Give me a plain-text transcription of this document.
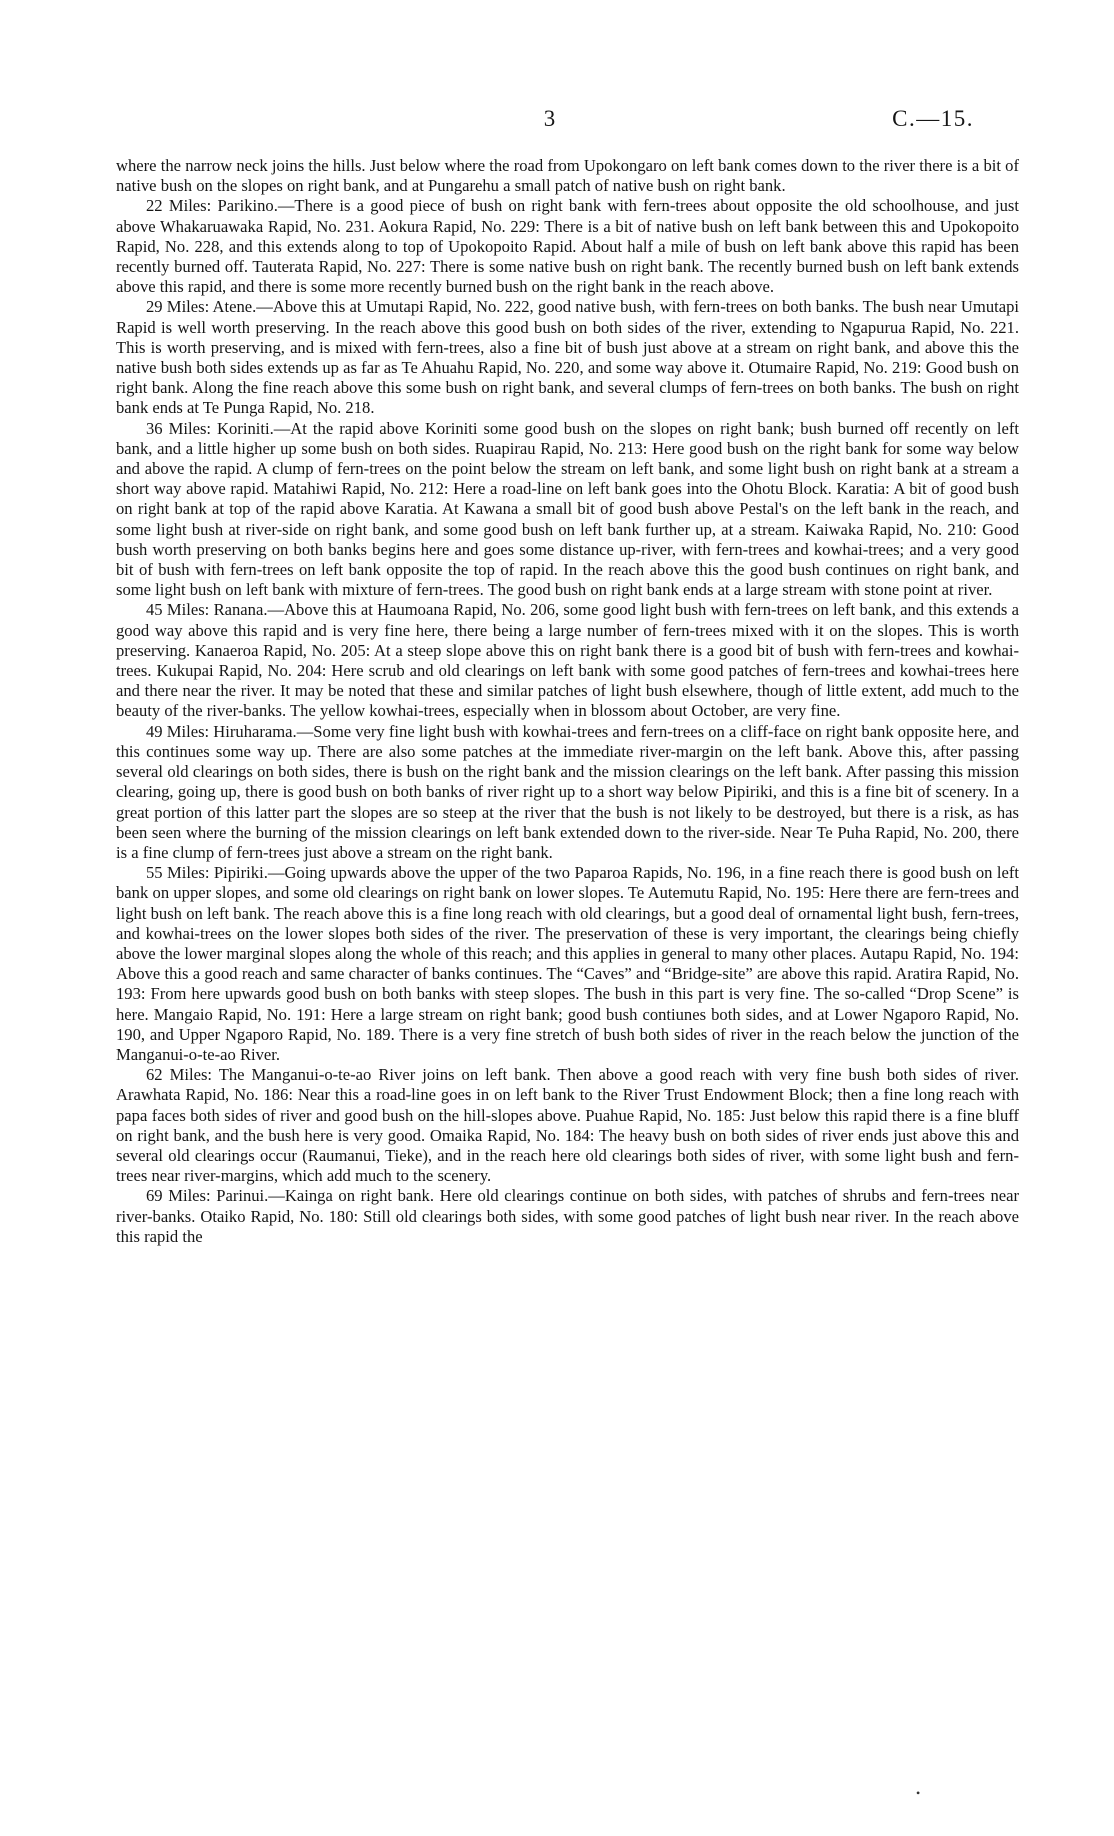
3	C.—15.

where the narrow neck joins the hills. Just below where the road from Upokongaro on left bank comes down to the river there is a bit of native bush on the slopes on right bank, and at Pungarehu a small patch of native bush on right bank.

22 Miles: Parikino.—There is a good piece of bush on right bank with fern-trees about opposite the old schoolhouse, and just above Whakaruawaka Rapid, No. 231. Aokura Rapid, No. 229: There is a bit of native bush on left bank between this and Upokopoito Rapid, No. 228, and this extends along to top of Upokopoito Rapid. About half a mile of bush on left bank above this rapid has been recently burned off. Tauterata Rapid, No. 227: There is some native bush on right bank. The recently burned bush on left bank extends above this rapid, and there is some more recently burned bush on the right bank in the reach above.

29 Miles: Atene.—Above this at Umutapi Rapid, No. 222, good native bush, with fern-trees on both banks. The bush near Umutapi Rapid is well worth preserving. In the reach above this good bush on both sides of the river, extending to Ngapurua Rapid, No. 221. This is worth preserving, and is mixed with fern-trees, also a fine bit of bush just above at a stream on right bank, and above this the native bush both sides extends up as far as Te Ahuahu Rapid, No. 220, and some way above it. Otumaire Rapid, No. 219: Good bush on right bank. Along the fine reach above this some bush on right bank, and several clumps of fern-trees on both banks. The bush on right bank ends at Te Punga Rapid, No. 218.

36 Miles: Koriniti.—At the rapid above Koriniti some good bush on the slopes on right bank; bush burned off recently on left bank, and a little higher up some bush on both sides. Ruapirau Rapid, No. 213: Here good bush on the right bank for some way below and above the rapid. A clump of fern-trees on the point below the stream on left bank, and some light bush on right bank at a stream a short way above rapid. Matahiwi Rapid, No. 212: Here a road-line on left bank goes into the Ohotu Block. Karatia: A bit of good bush on right bank at top of the rapid above Karatia. At Kawana a small bit of good bush above Pestal's on the left bank in the reach, and some light bush at river-side on right bank, and some good bush on left bank further up, at a stream. Kaiwaka Rapid, No. 210: Good bush worth preserving on both banks begins here and goes some distance up-river, with fern-trees and kowhai-trees; and a very good bit of bush with fern-trees on left bank opposite the top of rapid. In the reach above this the good bush continues on right bank, and some light bush on left bank with mixture of fern-trees. The good bush on right bank ends at a large stream with stone point at river.

45 Miles: Ranana.—Above this at Haumoana Rapid, No. 206, some good light bush with fern-trees on left bank, and this extends a good way above this rapid and is very fine here, there being a large number of fern-trees mixed with it on the slopes. This is worth preserving. Kanaeroa Rapid, No. 205: At a steep slope above this on right bank there is a good bit of bush with fern-trees and kowhai-trees. Kukupai Rapid, No. 204: Here scrub and old clearings on left bank with some good patches of fern-trees and kowhai-trees here and there near the river. It may be noted that these and similar patches of light bush elsewhere, though of little extent, add much to the beauty of the river-banks. The yellow kowhai-trees, especially when in blossom about October, are very fine.

49 Miles: Hiruharama.—Some very fine light bush with kowhai-trees and fern-trees on a cliff-face on right bank opposite here, and this continues some way up. There are also some patches at the immediate river-margin on the left bank. Above this, after passing several old clearings on both sides, there is bush on the right bank and the mission clearings on the left bank. After passing this mission clearing, going up, there is good bush on both banks of river right up to a short way below Pipiriki, and this is a fine bit of scenery. In a great portion of this latter part the slopes are so steep at the river that the bush is not likely to be destroyed, but there is a risk, as has been seen where the burning of the mission clearings on left bank extended down to the river-side. Near Te Puha Rapid, No. 200, there is a fine clump of fern-trees just above a stream on the right bank.

55 Miles: Pipiriki.—Going upwards above the upper of the two Paparoa Rapids, No. 196, in a fine reach there is good bush on left bank on upper slopes, and some old clearings on right bank on lower slopes. Te Autemutu Rapid, No. 195: Here there are fern-trees and light bush on left bank. The reach above this is a fine long reach with old clearings, but a good deal of ornamental light bush, fern-trees, and kowhai-trees on the lower slopes both sides of the river. The preservation of these is very important, the clearings being chiefly above the lower marginal slopes along the whole of this reach; and this applies in general to many other places. Autapu Rapid, No. 194: Above this a good reach and same character of banks continues. The “Caves” and “Bridge-site” are above this rapid. Aratira Rapid, No. 193: From here upwards good bush on both banks with steep slopes. The bush in this part is very fine. The so-called “Drop Scene” is here. Mangaio Rapid, No. 191: Here a large stream on right bank; good bush contiunes both sides, and at Lower Ngaporo Rapid, No. 190, and Upper Ngaporo Rapid, No. 189. There is a very fine stretch of bush both sides of river in the reach below the junction of the Manganui-o-te-ao River.

62 Miles: The Manganui-o-te-ao River joins on left bank. Then above a good reach with very fine bush both sides of river. Arawhata Rapid, No. 186: Near this a road-line goes in on left bank to the River Trust Endowment Block; then a fine long reach with papa faces both sides of river and good bush on the hill-slopes above. Puahue Rapid, No. 185: Just below this rapid there is a fine bluff on right bank, and the bush here is very good. Omaika Rapid, No. 184: The heavy bush on both sides of river ends just above this and several old clearings occur (Raumanui, Tieke), and in the reach here old clearings both sides of river, with some light bush and fern-trees near river-margins, which add much to the scenery.

69 Miles: Parinui.—Kainga on right bank. Here old clearings continue on both sides, with patches of shrubs and fern-trees near river-banks. Otaiko Rapid, No. 180: Still old clearings both sides, with some good patches of light bush near river. In the reach above this rapid the

•
